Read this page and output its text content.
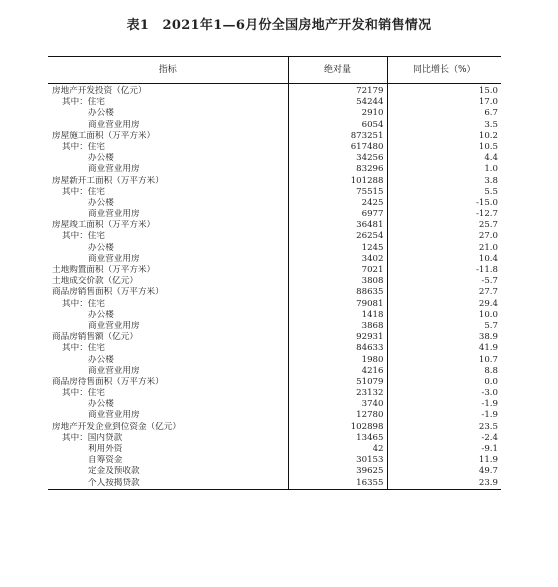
表1　2021年1—6月份全国房地产开发和销售情况
指标	绝对量	同比增长（%）
房地产开发投资（亿元）	72179	15.0
其中：住宅	54244	17.0
办公楼	2910	6.7
商业营业用房	6054	3.5
房屋施工面积（万平方米）	873251	10.2
其中：住宅	617480	10.5
办公楼	34256	4.4
商业营业用房	83296	1.0
房屋新开工面积（万平方米）	101288	3.8
其中：住宅	75515	5.5
办公楼	2425	-15.0
商业营业用房	6977	-12.7
房屋竣工面积（万平方米）	36481	25.7
其中：住宅	26254	27.0
办公楼	1245	21.0
商业营业用房	3402	10.4
土地购置面积（万平方米）	7021	-11.8
土地成交价款（亿元）	3808	-5.7
商品房销售面积（万平方米）	88635	27.7
其中：住宅	79081	29.4
办公楼	1418	10.0
商业营业用房	3868	5.7
商品房销售额（亿元）	92931	38.9
其中：住宅	84633	41.9
办公楼	1980	10.7
商业营业用房	4216	8.8
商品房待售面积（万平方米）	51079	0.0
其中：住宅	23132	-3.0
办公楼	3740	-1.9
商业营业用房	12780	-1.9
房地产开发企业到位资金（亿元）	102898	23.5
其中：国内贷款	13465	-2.4
利用外资	42	-9.1
自筹资金	30153	11.9
定金及预收款	39625	49.7
个人按揭贷款	16355	23.9
